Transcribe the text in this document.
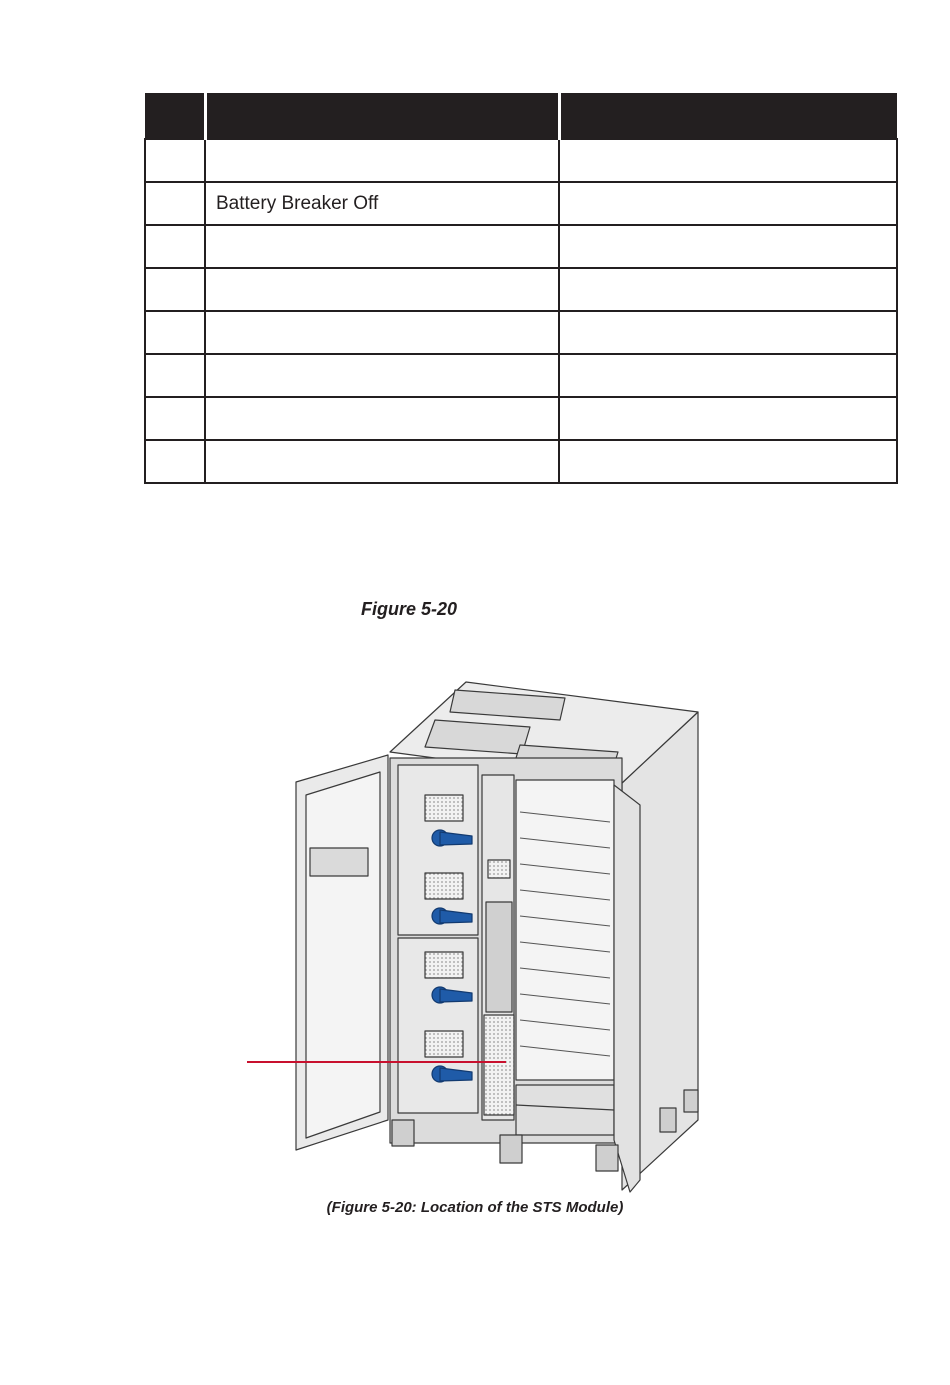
	Battery Breaker Off	

Figure 5-20
(Figure 5-20: Location of the STS Module)
